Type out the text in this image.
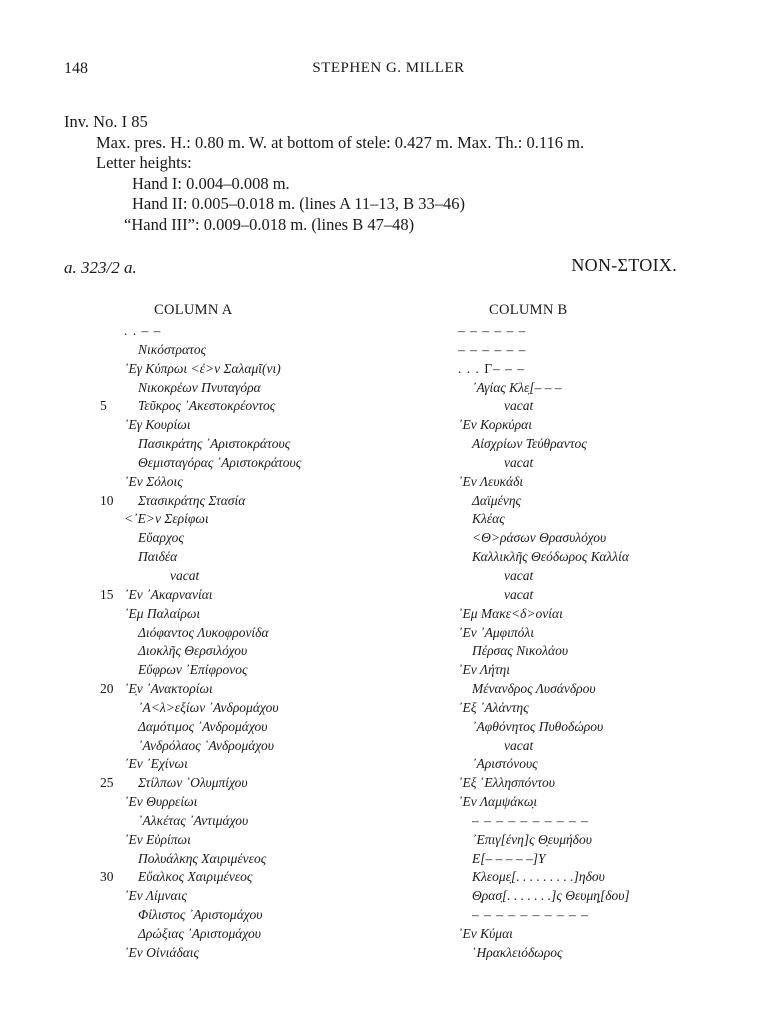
148	STEPHEN G. MILLER
Inv. No. I 85
Max. pres. H.: 0.80 m. W. at bottom of stele: 0.427 m. Max. Th.: 0.116 m.
Letter heights:
Hand I: 0.004–0.008 m.
Hand II: 0.005–0.018 m. (lines A 11–13, B 33–46)
“Hand III”: 0.009–0.018 m. (lines B 47–48)
a. 323/2 a.	NON-ΣΤΟΙΧ.
COLUMN A	COLUMN B
. . – –
Νικόστρατος
᾿Εγ Κύπρωι <ἐ>ν Σαλαμῖ(νι)
Νικοκρέων Πνυταγόρα
5	Τεῦκρος ᾿Ακεστοκρέοντος
᾿Εγ Κουρίωι
Πασικράτης ᾿Αριστοκράτους
Θεμισταγόρας ᾿Αριστοκράτους
᾿Εν Σόλοις
10	Στασικράτης Στασία
<᾿Ε>ν Σερίφωι
Εὔαρχος
Παιδέα
vacat
15 ᾿Εν ᾿Ακαρνανίαι
᾿Εμ Παλαίρωι
Διόφαντος Λυκοφρονίδα
Διοκλῆς Θερσιλόχου
Εὔφρων ᾿Επίφρονος
20 ᾿Ε̣ν ᾿Ανακτορίωι
᾿Α<λ>εξίων ᾿Ανδρομάχου
Δαμότιμος ᾿Ανδρομάχου
᾿Ανδρόλαος ᾿Ανδρομάχου
᾿Εν ᾿Εχίνωι
25	Στίλπων ᾿Ολυμπίχου
᾿Εν Θυρρείωι
᾿Αλκέτας ᾿Αντιμάχου
᾿Εν Εὐρίπωι
Πολυάλκης Χαιριμένεος
30	Εὔαλκος Χαιριμένεος
᾿Εν Λίμναις
Φίλιστος ᾿Αριστομάχου
Δρώξιας ᾿Αριστομάχου
᾿Εν Οἰνιάδαις
– – – – – –
– – – – – –
. . . Γ– – –
᾿Αγίας Κλε̣[– – –
vacat
᾿Εν Κορκύραι
Αἰσχρίων Τεύθραντος
vacat
᾿Εν Λευκάδι
Δαϊμένης
Κλέας
<Θ>ράσων Θρασυλόχου
Καλλικλῆς Θεόδωρος Καλλία
vacat
vacat
᾿Εμ Μακε<δ>ονίαι
᾿Εν ᾿Αμφιπόλι
Πέρσας Νικολάου
᾿Εν Λήτηι
Μένανδρος Λυσάνδρου
᾿Εξ ᾿Αλάντης
᾿Αφθόνητος Πυθοδώρου
vacat
᾿Αριστόνους
᾿Εξ ῾Ελλησπόντου
᾿Εν Λαμψάκω̣ι
– – – – – – – – – –
᾿Επιγ[ένη]ς Θ̣ευμήδου
Ε[– – – – –]Υ
Κλεομε̣[. . . . . . . . .]ηδου
Θ̣ρασ̣[. . . . . . .]ς Θευμη̣[δου]
– – – – – – – – – –
᾿Εν Κύμαι
῾Ηρακλειόδωρος
